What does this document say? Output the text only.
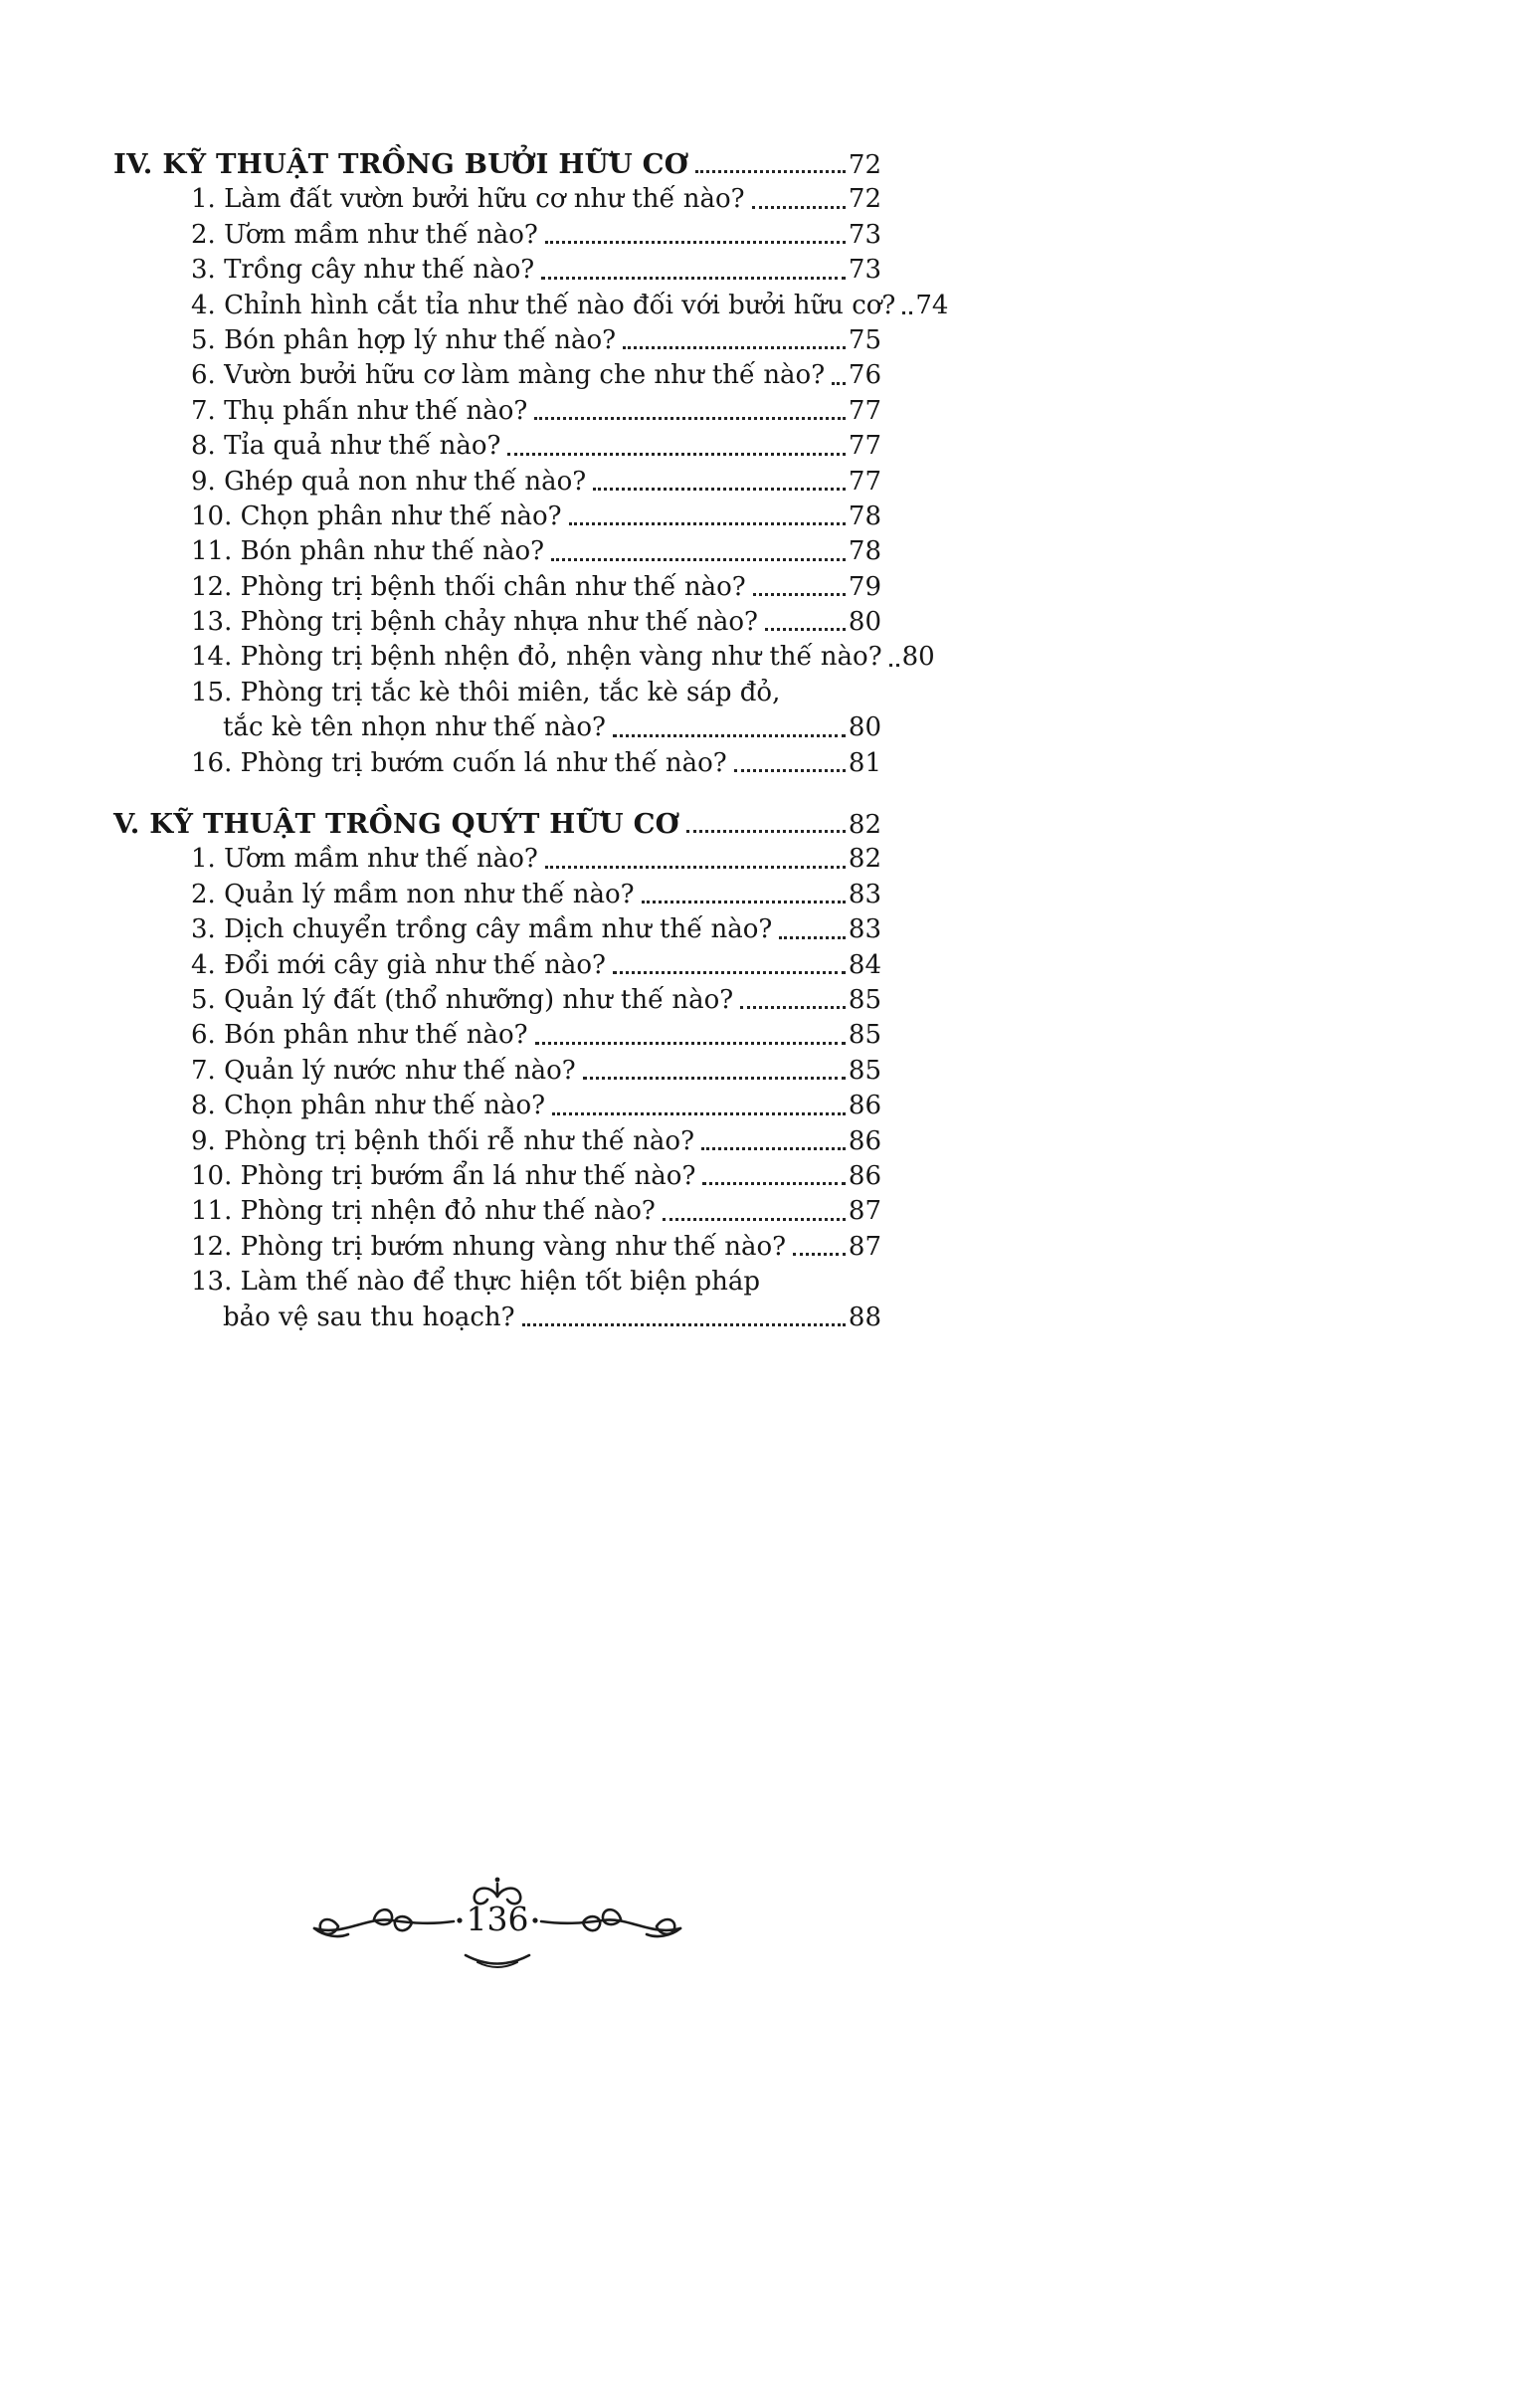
IV. KỸ THUẬT TRỒNG BƯỞI HỮU CƠ	72
1. Làm đất vườn bưởi hữu cơ như thế nào?	72
2. Ươm mầm như thế nào?	73
3. Trồng cây như thế nào?	73
4. Chỉnh hình cắt tỉa như thế nào đối với bưởi hữu cơ? 74
5. Bón phân hợp lý như thế nào?	75
6. Vườn bưởi hữu cơ làm màng che như thế nào? 76
7. Thụ phấn như thế nào?	77
8. Tỉa quả như thế nào?	77
9. Ghép quả non như thế nào?	77
10. Chọn phân như thế nào?	78
11. Bón phân như thế nào?	78
12. Phòng trị bệnh thối chân như thế nào?	79
13. Phòng trị bệnh chảy nhựa như thế nào?	80
14. Phòng trị bệnh nhện đỏ, nhện vàng như thế nào? 80
15. Phòng trị tắc kè thôi miên, tắc kè sáp đỏ,
tắc kè tên nhọn như thế nào?	80
16. Phòng trị bướm cuốn lá như thế nào?	81
V. KỸ THUẬT TRỒNG QUÝT HỮU CƠ	82
1. Ươm mầm như thế nào?	82
2. Quản lý mầm non như thế nào?	83
3. Dịch chuyển trồng cây mầm như thế nào?	83
4. Đổi mới cây già như thế nào?	84
5. Quản lý đất (thổ nhưỡng) như thế nào?	85
6. Bón phân như thế nào?	85
7. Quản lý nước như thế nào?	85
8. Chọn phân như thế nào?	86
9. Phòng trị bệnh thối rễ như thế nào?	86
10. Phòng trị bướm ẩn lá như thế nào?	86
11. Phòng trị nhện đỏ như thế nào?	87
12. Phòng trị bướm nhung vàng như thế nào? 87
13. Làm thế nào để thực hiện tốt biện pháp
bảo vệ sau thu hoạch?	88
136
